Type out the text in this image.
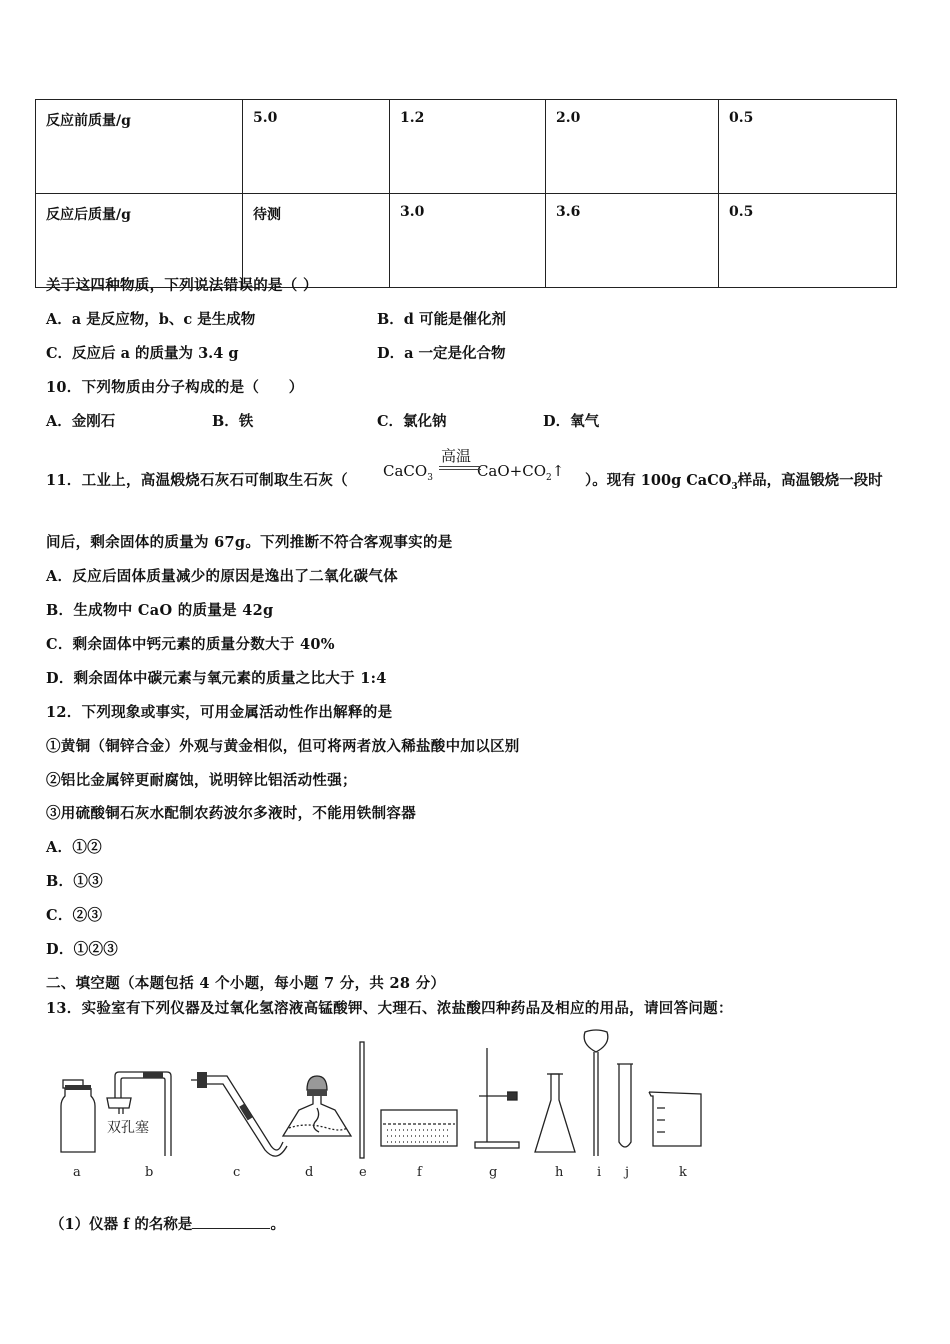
反应前质量/g	5.0	1.2	2.0	0.5
反应后质量/g	待测	3.0	3.6	0.5
关于这四种物质，下列说法错误的是（ ）
A．a 是反应物，b、c 是生成物	B．d 可能是催化剂
C．反应后 a 的质量为 3.4 g	D．a 一定是化合物
10．下列物质由分子构成的是（　　）
A．金刚石	B．铁	C．氯化钠	D．氧气
11．工业上，高温煅烧石灰石可制取生石灰（
CaCO$_3$	$CaO+CO_2↑$
高温
）。现有 100g CaCO$_3$样品，高温锻烧一段时
间后，剩余固体的质量为 67g。下列推断不符合客观事实的是
A．反应后固体质量减少的原因是逸出了二氧化碳气体
B．生成物中 CaO 的质量是 42g
C．剩余固体中钙元素的质量分数大于 40%
D．剩余固体中碳元素与氧元素的质量之比大于 1:4
12．下列现象或事实，可用金属活动性作出解释的是
①黄铜（铜锌合金）外观与黄金相似，但可将两者放入稀盐酸中加以区别
②铝比金属锌更耐腐蚀，说明锌比铝活动性强；
③用硫酸铜石灰水配制农药波尔多液时，不能用铁制容器
A．①②
B．①③
C．②③
D．①②③
二、填空题（本题包括 4 个小题，每小题 7 分，共 28 分）
13．实验室有下列仪器及过氧化氢溶液高锰酸钾、大理石、浓盐酸四种药品及相应的用品，请回答问题：
双孔塞
a	b	c	d	e	f	g	h	i j	k
（1）仪器 f 的名称是	。
